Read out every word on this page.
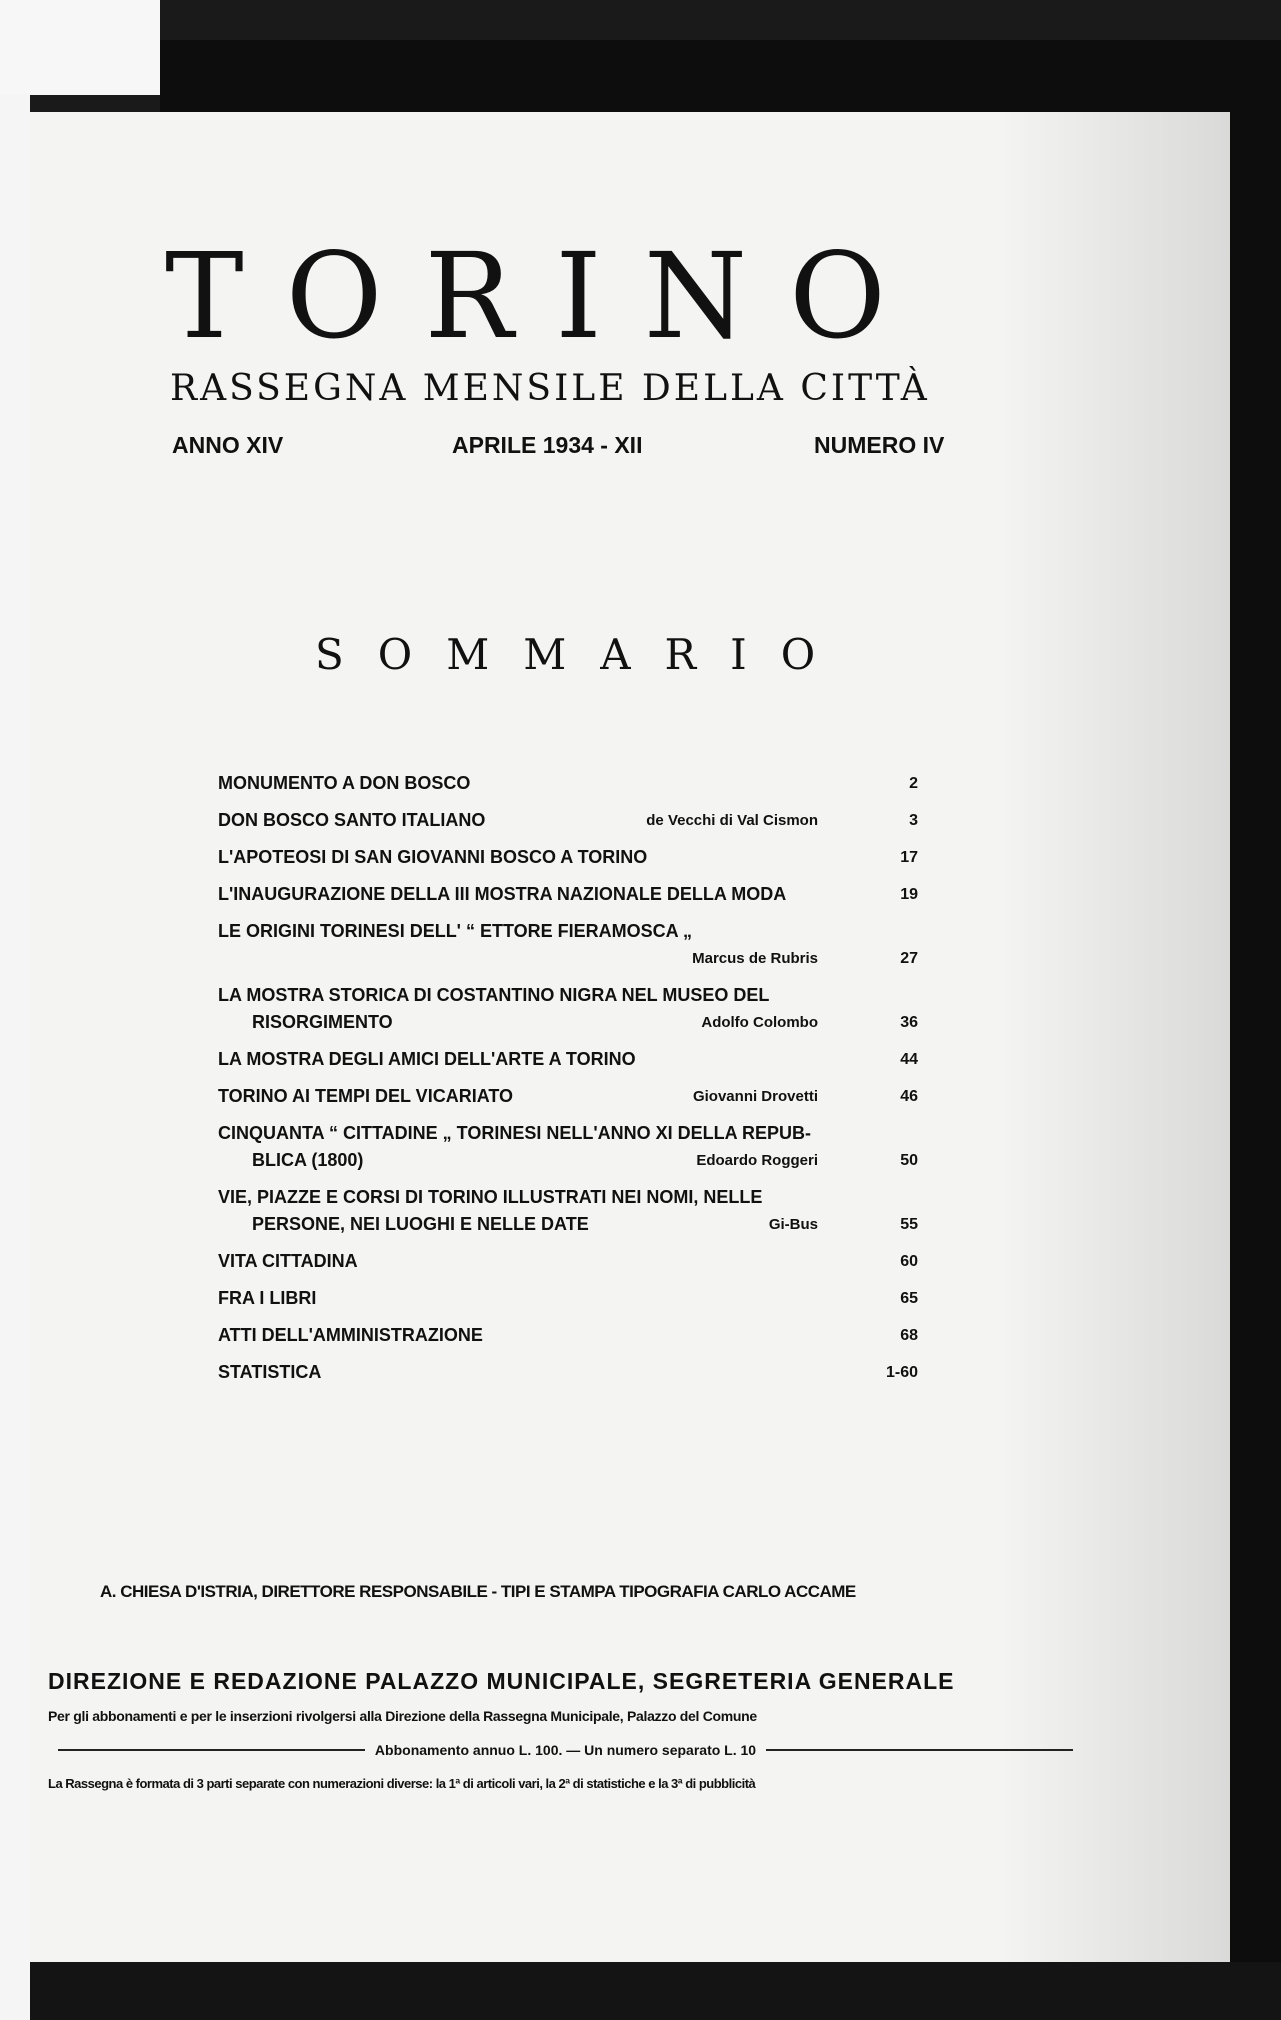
TORINO
RASSEGNA MENSILE DELLA CITTÀ
ANNO XIV	APRILE 1934 - XII	NUMERO IV
SOMMARIO
MONUMENTO A DON BOSCO	2
DON BOSCO SANTO ITALIANO	de Vecchi di Val Cismon	3
L'APOTEOSI DI SAN GIOVANNI BOSCO A TORINO	17
L'INAUGURAZIONE DELLA III MOSTRA NAZIONALE DELLA MODA	19
LE ORIGINI TORINESI DELL' “ ETTORE FIERAMOSCA „
Marcus de Rubris	27
LA MOSTRA STORICA DI COSTANTINO NIGRA NEL MUSEO DEL
RISORGIMENTO	Adolfo Colombo	36
LA MOSTRA DEGLI AMICI DELL'ARTE A TORINO	44
TORINO AI TEMPI DEL VICARIATO	Giovanni Drovetti	46
CINQUANTA “ CITTADINE „ TORINESI NELL'ANNO XI DELLA REPUB-
BLICA (1800)	Edoardo Roggeri	50
VIE, PIAZZE E CORSI DI TORINO ILLUSTRATI NEI NOMI, NELLE
PERSONE, NEI LUOGHI E NELLE DATE	Gi-Bus	55
VITA CITTADINA	60
FRA I LIBRI	65
ATTI DELL'AMMINISTRAZIONE	68
STATISTICA	1-60
A. CHIESA D'ISTRIA, DIRETTORE RESPONSABILE - TIPI E STAMPA TIPOGRAFIA CARLO ACCAME
DIREZIONE E REDAZIONE PALAZZO MUNICIPALE, SEGRETERIA GENERALE
Per gli abbonamenti e per le inserzioni rivolgersi alla Direzione della Rassegna Municipale, Palazzo del Comune
Abbonamento annuo L. 100. — Un numero separato L. 10
La Rassegna è formata di 3 parti separate con numerazioni diverse: la 1ª di articoli vari, la 2ª di statistiche e la 3ª di pubblicità
